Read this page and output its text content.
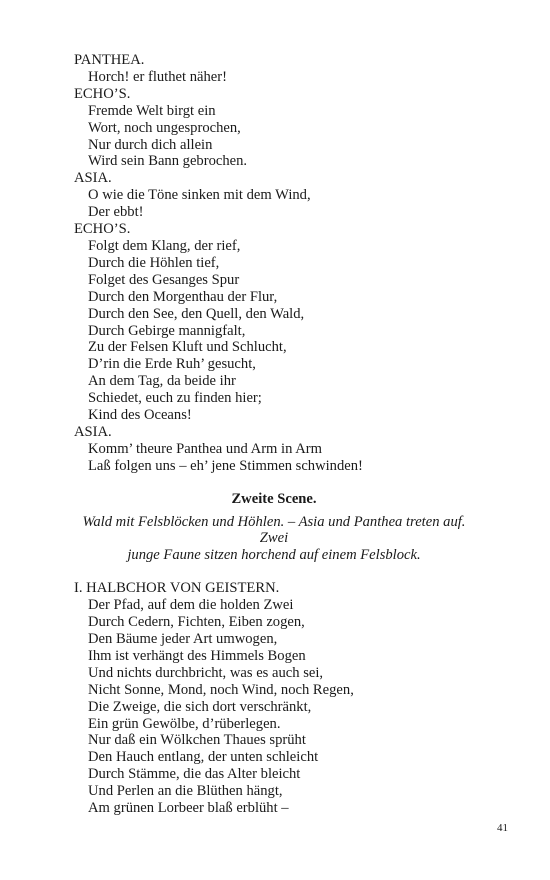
PANTHEA.
Horch! er fluthet näher!
ECHO’S.
Fremde Welt birgt ein
Wort, noch ungesprochen,
Nur durch dich allein
Wird sein Bann gebrochen.
ASIA.
O wie die Töne sinken mit dem Wind,
Der ebbt!
ECHO’S.
Folgt dem Klang, der rief,
Durch die Höhlen tief,
Folget des Gesanges Spur
Durch den Morgenthau der Flur,
Durch den See, den Quell, den Wald,
Durch Gebirge mannigfalt,
Zu der Felsen Kluft und Schlucht,
D’rin die Erde Ruh’ gesucht,
An dem Tag, da beide ihr
Schiedet, euch zu finden hier;
Kind des Oceans!
ASIA.
Komm’ theure Panthea und Arm in Arm
Laß folgen uns – eh’ jene Stimmen schwinden!
Zweite Scene.
Wald mit Felsblöcken und Höhlen. – Asia und Panthea treten auf. Zwei
junge Faune sitzen horchend auf einem Felsblock.
I. HALBCHOR VON GEISTERN.
Der Pfad, auf dem die holden Zwei
Durch Cedern, Fichten, Eiben zogen,
Den Bäume jeder Art umwogen,
Ihm ist verhängt des Himmels Bogen
Und nichts durchbricht, was es auch sei,
Nicht Sonne, Mond, noch Wind, noch Regen,
Die Zweige, die sich dort verschränkt,
Ein grün Gewölbe, d’rüberlegen.
Nur daß ein Wölkchen Thaues sprüht
Den Hauch entlang, der unten schleicht
Durch Stämme, die das Alter bleicht
Und Perlen an die Blüthen hängt,
Am grünen Lorbeer blaß erblüht –
41
